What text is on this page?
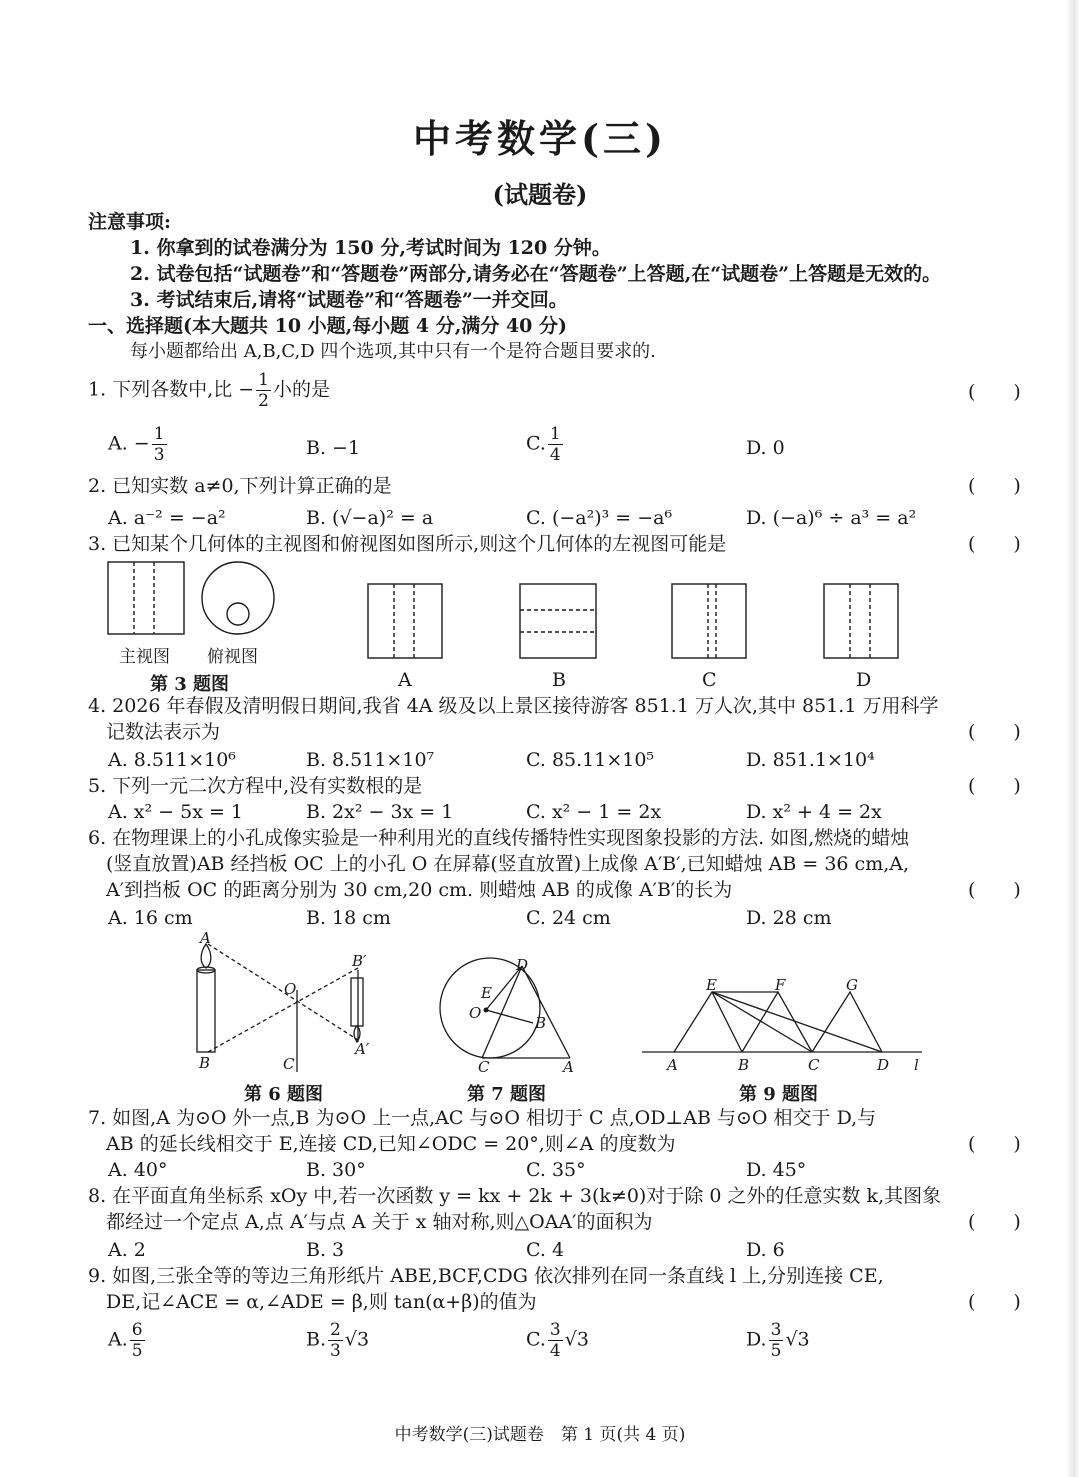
中考数学(三)
(试题卷)
注意事项:
1. 你拿到的试卷满分为 150 分,考试时间为 120 分钟。
2. 试卷包括“试题卷”和“答题卷”两部分,请务必在“答题卷”上答题,在“试题卷”上答题是无效的。
3. 考试结束后,请将“试题卷”和“答题卷”一并交回。
一、选择题(本大题共 10 小题,每小题 4 分,满分 40 分)
每小题都给出 A,B,C,D 四个选项,其中只有一个是符合题目要求的.
1. 下列各数中,比 − $\frac{1}{2}$ 小的是	(　　)
A. − $\frac{1}{3}$	B. −1	C. $\frac{1}{4}$	D. 0
2. 已知实数 a≠0,下列计算正确的是	(　　)
A. a⁻² = −a²	B. (√−a)² = a	C. (−a²)³ = −a⁶	D. (−a)⁶ ÷ a³ = a²
3. 已知某个几何体的主视图和俯视图如图所示,则这个几何体的左视图可能是	(　　)
主视图 俯视图
第 3 题图	A	B	C	D
4. 2026 年春假及清明假日期间,我省 4A 级及以上景区接待游客 851.1 万人次,其中 851.1 万用科学
记数法表示为	(　　)
A. 8.511×10⁶	B. 8.511×10⁷	C. 85.11×10⁵	D. 851.1×10⁴
5. 下列一元二次方程中,没有实数根的是	(　　)
A. x² − 5x = 1	B. 2x² − 3x = 1	C. x² − 1 = 2x	D. x² + 4 = 2x
6. 在物理课上的小孔成像实验是一种利用光的直线传播特性实现图象投影的方法. 如图,燃烧的蜡烛
(竖直放置)AB 经挡板 OC 上的小孔 O 在屏幕(竖直放置)上成像 A′B′,已知蜡烛 AB = 36 cm,A,
A′到挡板 OC 的距离分别为 30 cm,20 cm. 则蜡烛 AB 的成像 A′B′的长为	(　　)
A. 16 cm	B. 18 cm	C. 24 cm	D. 28 cm
A
B
O
C
B′
A′
D
E
O
B
C	A
E	F	G
A	B	C	D l
第 6 题图	第 7 题图	第 9 题图
7. 如图,A 为⊙O 外一点,B 为⊙O 上一点,AC 与⊙O 相切于 C 点,OD⊥AB 与⊙O 相交于 D,与
AB 的延长线相交于 E,连接 CD,已知∠ODC = 20°,则∠A 的度数为	(　　)
A. 40°	B. 30°	C. 35°	D. 45°
8. 在平面直角坐标系 xOy 中,若一次函数 y = kx + 2k + 3(k≠0)对于除 0 之外的任意实数 k,其图象
都经过一个定点 A,点 A′与点 A 关于 x 轴对称,则△OAA′的面积为	(　　)
A. 2	B. 3	C. 4	D. 6
9. 如图,三张全等的等边三角形纸片 ABE,BCF,CDG 依次排列在同一条直线 l 上,分别连接 CE,
DE,记∠ACE = α,∠ADE = β,则 tan(α+β)的值为	(　　)
A. $\frac{6}{5}$	B. $\frac{2}{3} √3$	C. $\frac{3}{4} √3$	D. $\frac{3}{5} √3$
中考数学(三)试题卷　第 1 页(共 4 页)
